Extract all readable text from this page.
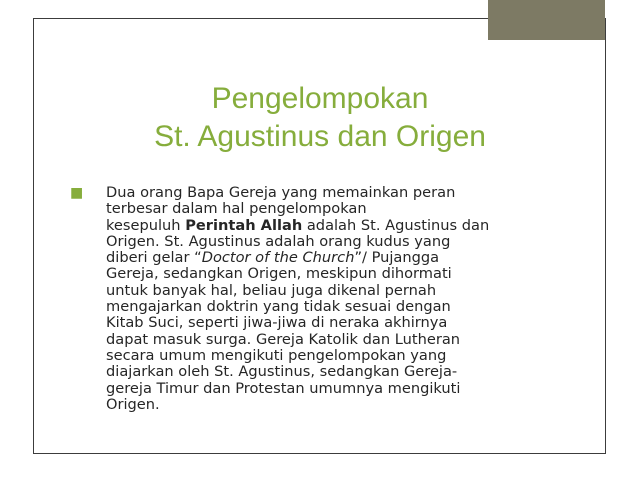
Pengelompokan
St. Agustinus dan Origen
■ Dua orang Bapa Gereja yang memainkan peran
terbesar dalam hal pengelompokan
kesepuluh Perintah Allah adalah St. Agustinus dan
Origen. St. Agustinus adalah orang kudus yang
diberi gelar “Doctor of the Church”/ Pujangga
Gereja, sedangkan Origen, meskipun dihormati
untuk banyak hal, beliau juga dikenal pernah
mengajarkan doktrin yang tidak sesuai dengan
Kitab Suci, seperti jiwa-jiwa di neraka akhirnya
dapat masuk surga. Gereja Katolik dan Lutheran
secara umum mengikuti pengelompokan yang
diajarkan oleh St. Agustinus, sedangkan Gereja-
gereja Timur dan Protestan umumnya mengikuti
Origen.
